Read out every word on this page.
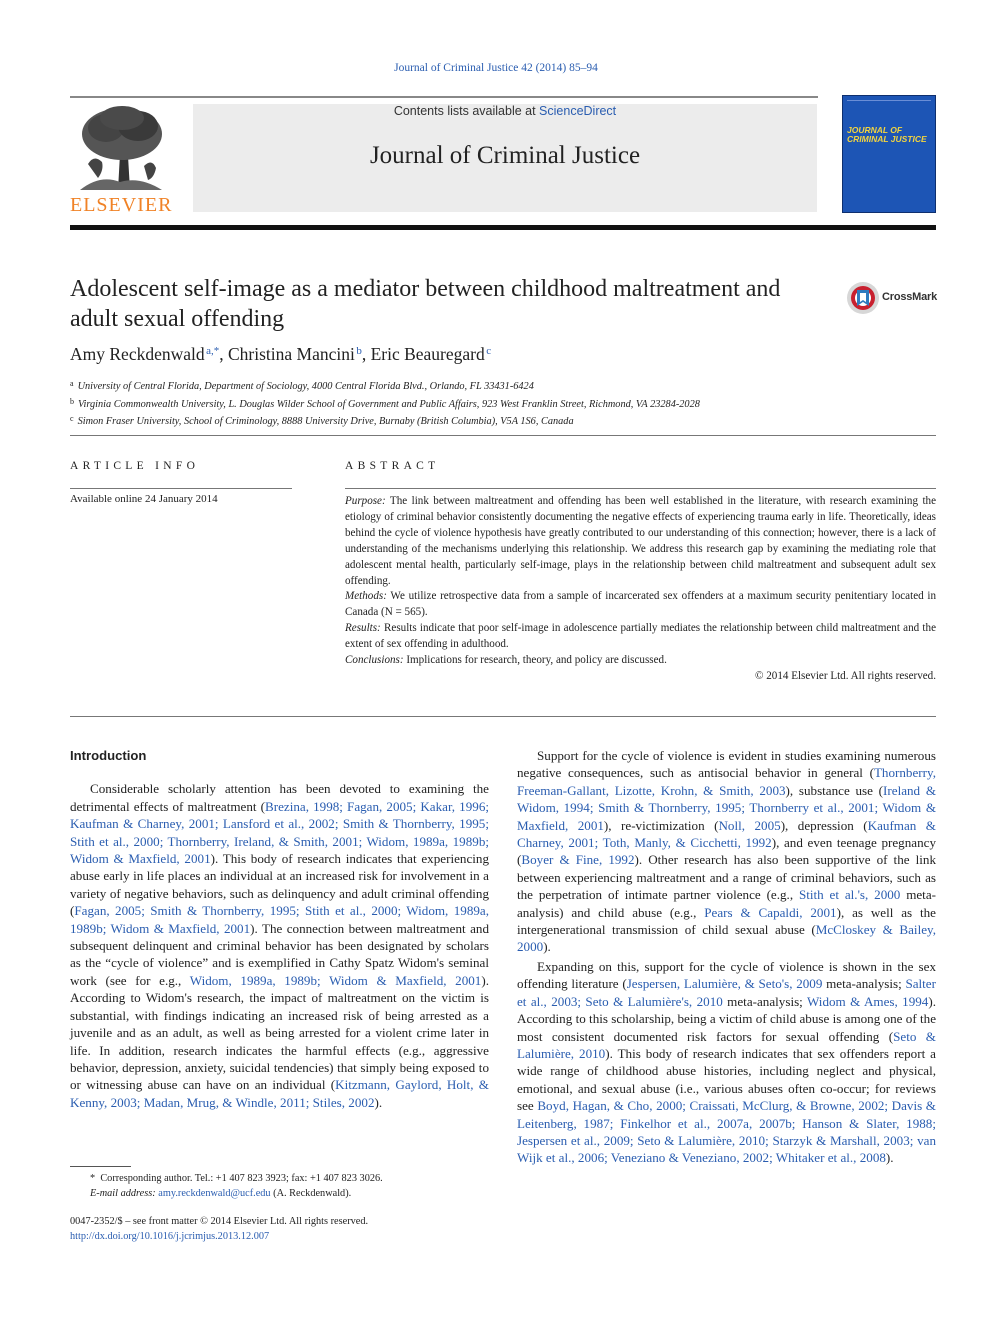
Journal of Criminal Justice 42 (2014) 85–94
ELSEVIER
Contents lists available at ScienceDirect
Journal of Criminal Justice
JOURNAL OF CRIMINAL JUSTICE
Adolescent self-image as a mediator between childhood maltreatment and adult sexual offending
CrossMark
Amy Reckdenwald $^{a,*}$, Christina Mancini $^b$, Eric Beauregard $^c$
$^a$ University of Central Florida, Department of Sociology, 4000 Central Florida Blvd., Orlando, FL 33431-6424
$^b$ Virginia Commonwealth University, L. Douglas Wilder School of Government and Public Affairs, 923 West Franklin Street, Richmond, VA 23284-2028
$^c$ Simon Fraser University, School of Criminology, 8888 University Drive, Burnaby (British Columbia), V5A 1S6, Canada
ARTICLE INFO
Available online 24 January 2014
ABSTRACT

Purpose: The link between maltreatment and offending has been well established in the literature, with research examining the etiology of criminal behavior consistently documenting the negative effects of experiencing trauma early in life. Theoretically, ideas behind the cycle of violence hypothesis have greatly contributed to our understanding of this connection; however, there is a lack of understanding of the mechanisms underlying this relationship. We address this research gap by examining the mediating role that adolescent mental health, particularly self-image, plays in the relationship between child maltreatment and subsequent adult sex offending.

Methods: We utilize retrospective data from a sample of incarcerated sex offenders at a maximum security penitentiary located in Canada (N = 565).

Results: Results indicate that poor self-image in adolescence partially mediates the relationship between child maltreatment and the extent of sex offending in adulthood.

Conclusions: Implications for research, theory, and policy are discussed.

© 2014 Elsevier Ltd. All rights reserved.

Introduction

Considerable scholarly attention has been devoted to examining the detrimental effects of maltreatment (Brezina, 1998; Fagan, 2005; Kakar, 1996; Kaufman & Charney, 2001; Lansford et al., 2002; Smith & Thornberry, 1995; Stith et al., 2000; Thornberry, Ireland, & Smith, 2001; Widom, 1989a, 1989b; Widom & Maxfield, 2001). This body of research indicates that experiencing abuse early in life places an individual at an increased risk for involvement in a variety of negative behaviors, such as delinquency and adult criminal offending (Fagan, 2005; Smith & Thornberry, 1995; Stith et al., 2000; Widom, 1989a, 1989b; Widom & Maxfield, 2001). The connection between maltreatment and subsequent delinquent and criminal behavior has been designated by scholars as the “cycle of violence” and is exemplified in Cathy Spatz Widom's seminal work (see for e.g., Widom, 1989a, 1989b; Widom & Maxfield, 2001). According to Widom's research, the impact of maltreatment on the victim is substantial, with findings indicating an increased risk of being arrested as a juvenile and as an adult, as well as being arrested for a violent crime later in life. In addition, research indicates the harmful effects (e.g., aggressive behavior, depression, anxiety, suicidal tendencies) that simply being exposed to or witnessing abuse can have on an individual (Kitzmann, Gaylord, Holt, & Kenny, 2003; Madan, Mrug, & Windle, 2011; Stiles, 2002).

Support for the cycle of violence is evident in studies examining numerous negative consequences, such as antisocial behavior in general (Thornberry, Freeman-Gallant, Lizotte, Krohn, & Smith, 2003), substance use (Ireland & Widom, 1994; Smith & Thornberry, 1995; Thornberry et al., 2001; Widom & Maxfield, 2001), re-victimization (Noll, 2005), depression (Kaufman & Charney, 2001; Toth, Manly, & Cicchetti, 1992), and even teenage pregnancy (Boyer & Fine, 1992). Other research has also been supportive of the link between experiencing maltreatment and a range of criminal behaviors, such as the perpetration of intimate partner violence (e.g., Stith et al.'s, 2000 meta-analysis) and child abuse (e.g., Pears & Capaldi, 2001), as well as the intergenerational transmission of child sexual abuse (McCloskey & Bailey, 2000).

Expanding on this, support for the cycle of violence is shown in the sex offending literature (Jespersen, Lalumière, & Seto's, 2009 meta-analysis; Salter et al., 2003; Seto & Lalumière's, 2010 meta-analysis; Widom & Ames, 1994). According to this scholarship, being a victim of child abuse is among one of the most consistent documented risk factors for sexual offending (Seto & Lalumière, 2010). This body of research indicates that sex offenders report a wide range of childhood abuse histories, including neglect and physical, emotional, and sexual abuse (i.e., various abuses often co-occur; for reviews see Boyd, Hagan, & Cho, 2000; Craissati, McClurg, & Browne, 2002; Davis & Leitenberg, 1987; Finkelhor et al., 2007a, 2007b; Hanson & Slater, 1988; Jespersen et al., 2009; Seto & Lalumière, 2010; Starzyk & Marshall, 2003; van Wijk et al., 2006; Veneziano & Veneziano, 2002; Whitaker et al., 2008).

* Corresponding author. Tel.: +1 407 823 3923; fax: +1 407 823 3026.
E-mail address: amy.reckdenwald@ucf.edu (A. Reckdenwald).
0047-2352/$ – see front matter © 2014 Elsevier Ltd. All rights reserved.
http://dx.doi.org/10.1016/j.jcrimjus.2013.12.007
